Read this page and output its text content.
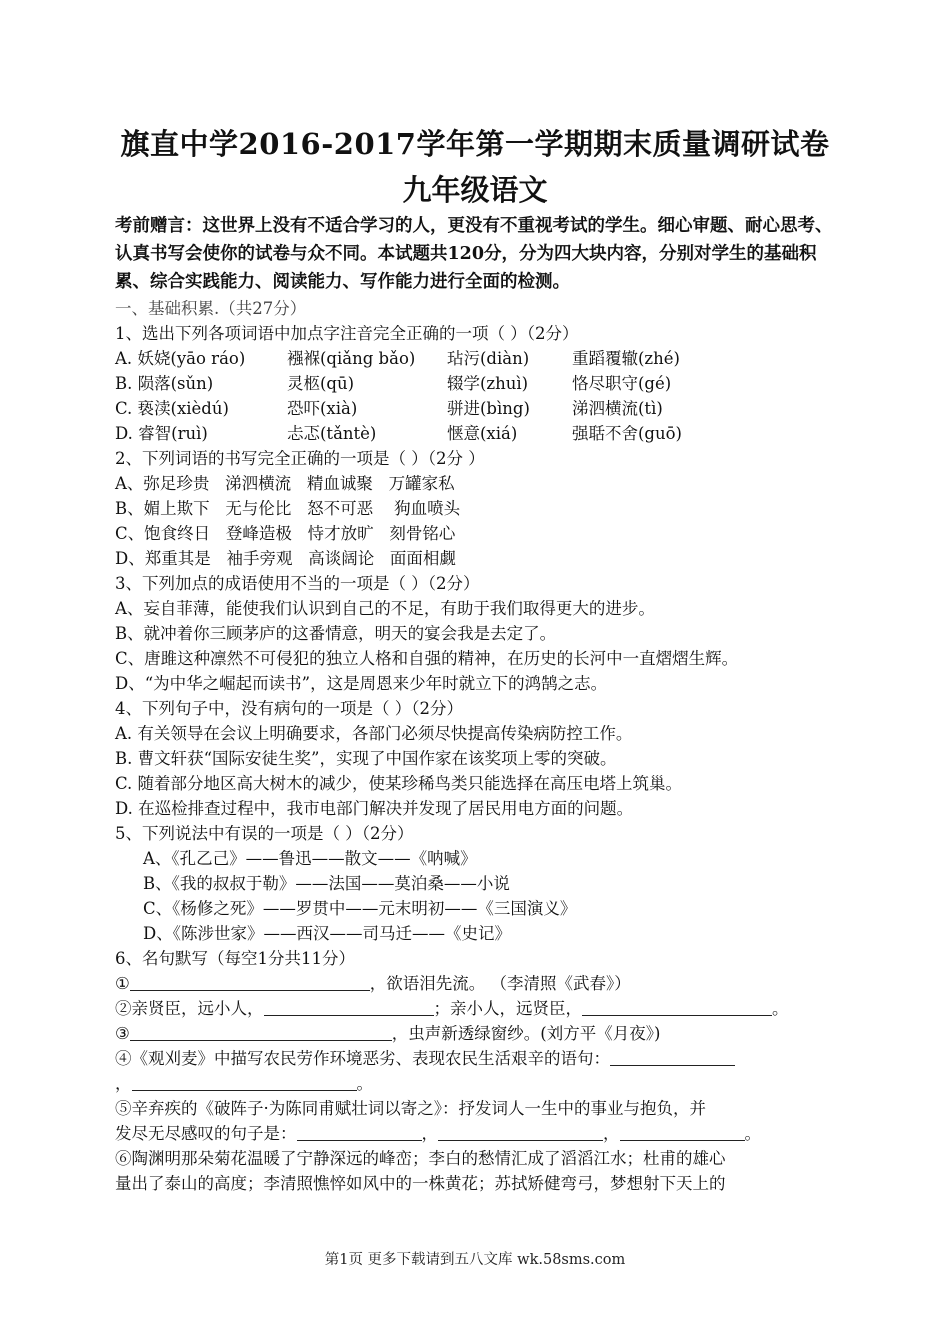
旗直中学2016-2017学年第一学期期末质量调研试卷
九年级语文
考前赠言：这世界上没有不适合学习的人，更没有不重视考试的学生。细心审题、耐心思考、认真书写会使你的试卷与众不同。本试题共120分，分为四大块内容，分别对学生的基础积累、综合实践能力、阅读能力、写作能力进行全面的检测。
一、基础积累.（共27分）
1、选出下列各项词语中加点字注音完全正确的一项（ ）（2分）
A. 妖娆(yāo ráo)	襁褓(qiǎng bǎo) 玷污(diàn)	重蹈覆辙(zhé)
B. 陨落(sǔn)	灵柩(qū)	辍学(zhuì)	恪尽职守(gé)
C. 亵渎(xièdú)	恐吓(xià)	骈进(bìng)	涕泗横流(tì)
D. 睿智(ruì)	忐忑(tǎntè)	惬意(xiá)	强聒不舍(guō)
2、下列词语的书写完全正确的一项是（ ）（2分 ）
A、弥足珍贵   涕泗横流   精血诚聚   万罐家私
B、媚上欺下   无与伦比   怒不可恶    狗血喷头
C、饱食终日   登峰造极   恃才放旷   刻骨铭心
D、郑重其是   袖手旁观   高谈阔论   面面相觑
3、下列加点的成语使用不当的一项是（ ）（2分）
A、妄自菲薄，能使我们认识到自己的不足，有助于我们取得更大的进步。
B、就冲着你三顾茅庐的这番情意，明天的宴会我是去定了。
C、唐雎这种凛然不可侵犯的独立人格和自强的精神，在历史的长河中一直熠熠生辉。
D、“为中华之崛起而读书”，这是周恩来少年时就立下的鸿鹄之志。
4、下列句子中，没有病句的一项是（ ）（2分）
A. 有关领导在会议上明确要求，各部门必须尽快提高传染病防控工作。
B. 曹文轩获“国际安徒生奖”，实现了中国作家在该奖项上零的突破。
C. 随着部分地区高大树木的减少，使某珍稀鸟类只能选择在高压电塔上筑巢。
D. 在巡检排查过程中，我市电部门解决并发现了居民用电方面的问题。
5、下列说法中有误的一项是（ ）（2分）
A、《孔乙己》——鲁迅——散文——《呐喊》
B、《我的叔叔于勒》——法国——莫泊桑——小说
C、《杨修之死》——罗贯中——元末明初——《三国演义》
D、《陈涉世家》——西汉——司马迁——《史记》
6、名句默写（每空1分共11分）
①	，欲语泪先流。 （李清照《武春》）
②亲贤臣，远小人，	；亲小人，远贤臣，	。
③	，虫声新透绿窗纱。(刘方平《月夜》)
④《观刈麦》中描写农民劳作环境恶劣、表现农民生活艰辛的语句：
，	。
⑤辛弃疾的《破阵子·为陈同甫赋壮词以寄之》：抒发词人一生中的事业与抱负，并
发尽无尽感叹的句子是：	，	，	。
⑥陶渊明那朵菊花温暖了宁静深远的峰峦；李白的愁情汇成了滔滔江水；杜甫的雄心
量出了泰山的高度；李清照憔悴如风中的一株黄花；苏拭矫健弯弓，梦想射下天上的
第1页 更多下载请到五八文库 wk.58sms.com
